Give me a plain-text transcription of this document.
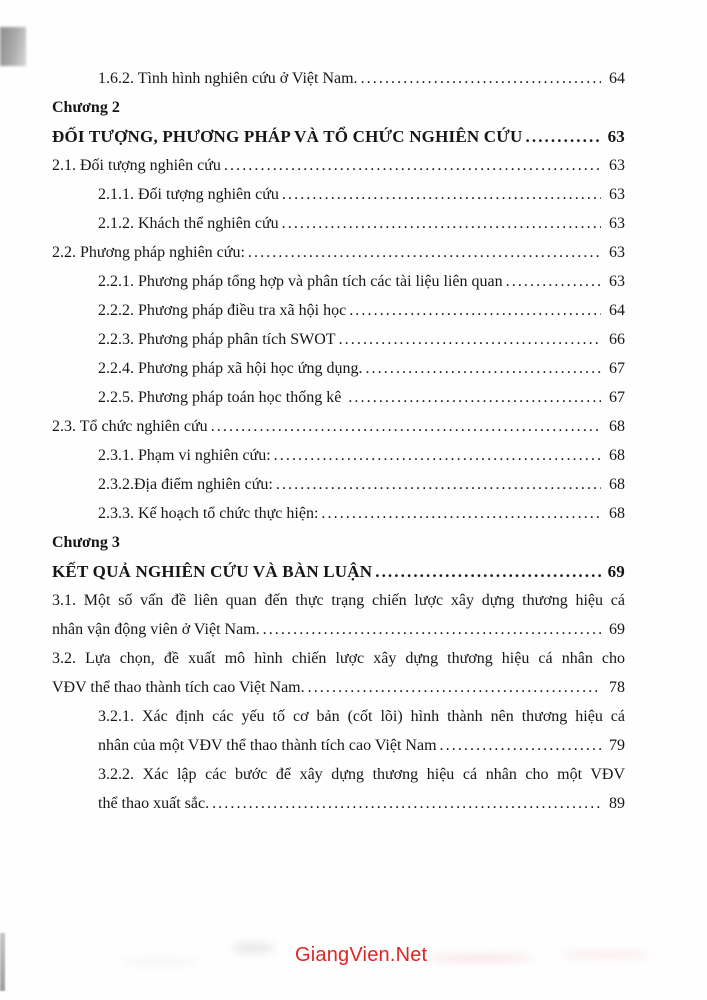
1.6.2. Tình hình nghiên cứu ở Việt Nam. .....	64
Chương 2
ĐỐI TƯỢNG, PHƯƠNG PHÁP VÀ TỔ CHỨC NGHIÊN CỨU .....	63
2.1. Đối tượng nghiên cứu .....	63
2.1.1. Đối tượng nghiên cứu .....	63
2.1.2. Khách thể nghiên cứu .....	63
2.2. Phương pháp nghiên cứu: .....	63
2.2.1. Phương pháp tổng hợp và phân tích các tài liệu liên quan .....	63
2.2.2. Phương pháp điều tra xã hội học .....	64
2.2.3. Phương pháp phân tích SWOT .....	66
2.2.4. Phương pháp xã hội học ứng dụng. .....	67
2.2.5. Phương pháp toán học thống kê .....	67
2.3. Tổ chức nghiên cứu .....	68
2.3.1. Phạm vi nghiên cứu: .....	68
2.3.2.Địa điểm nghiên cứu: .....	68
2.3.3. Kế hoạch tổ chức thực hiện: .....	68
Chương 3
KẾT QUẢ NGHIÊN CỨU VÀ BÀN LUẬN .....	69
3.1. Một số vấn đề liên quan đến thực trạng chiến lược xây dựng thương hiệu cá
nhân vận động viên ở Việt Nam. .....	69
3.2. Lựa chọn, đề xuất mô hình chiến lược xây dựng thương hiệu cá nhân cho
VĐV thể thao thành tích cao Việt Nam. .....	78
3.2.1. Xác định các yếu tố cơ bản (cốt lõi) hình thành nên thương hiệu cá
nhân của một VĐV thể thao thành tích cao Việt Nam .....	79
3.2.2. Xác lập các bước để xây dựng thương hiệu cá nhân cho một VĐV
thể thao xuất sắc. .....	89
GiangVien.Net
